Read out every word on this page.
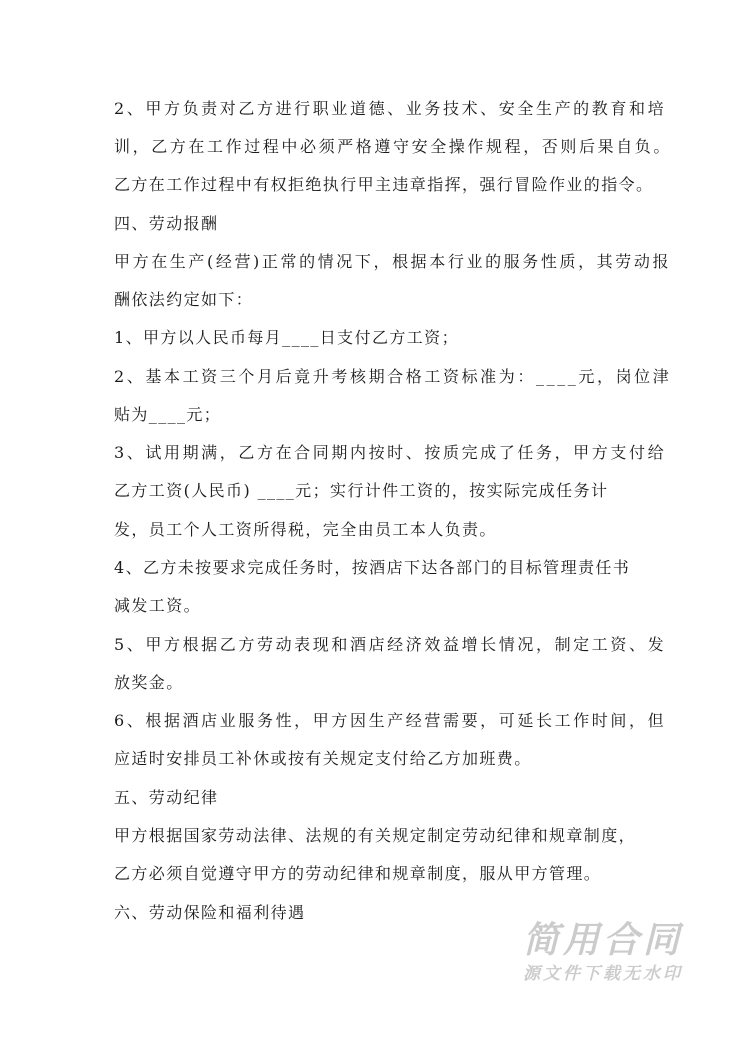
2、甲方负责对乙方进行职业道德、业务技术、安全生产的教育和培
训，乙方在工作过程中必须严格遵守安全操作规程，否则后果自负。
乙方在工作过程中有权拒绝执行甲主违章指挥，强行冒险作业的指令。
四、劳动报酬
甲方在生产(经营)正常的情况下，根据本行业的服务性质，其劳动报
酬依法约定如下：
1、甲方以人民币每月____日支付乙方工资；
2、基本工资三个月后竟升考核期合格工资标准为：____元，岗位津
贴为____元；
3、试用期满，乙方在合同期内按时、按质完成了任务，甲方支付给
乙方工资(人民币) ____元；实行计件工资的，按实际完成任务计
发，员工个人工资所得税，完全由员工本人负责。
4、乙方未按要求完成任务时，按酒店下达各部门的目标管理责任书
减发工资。
5、甲方根据乙方劳动表现和酒店经济效益增长情况，制定工资、发
放奖金。
6、根据酒店业服务性，甲方因生产经营需要，可延长工作时间，但
应适时安排员工补休或按有关规定支付给乙方加班费。
五、劳动纪律
甲方根据国家劳动法律、法规的有关规定制定劳动纪律和规章制度，
乙方必须自觉遵守甲方的劳动纪律和规章制度，服从甲方管理。
六、劳动保险和福利待遇
简用合同
源文件下载无水印
